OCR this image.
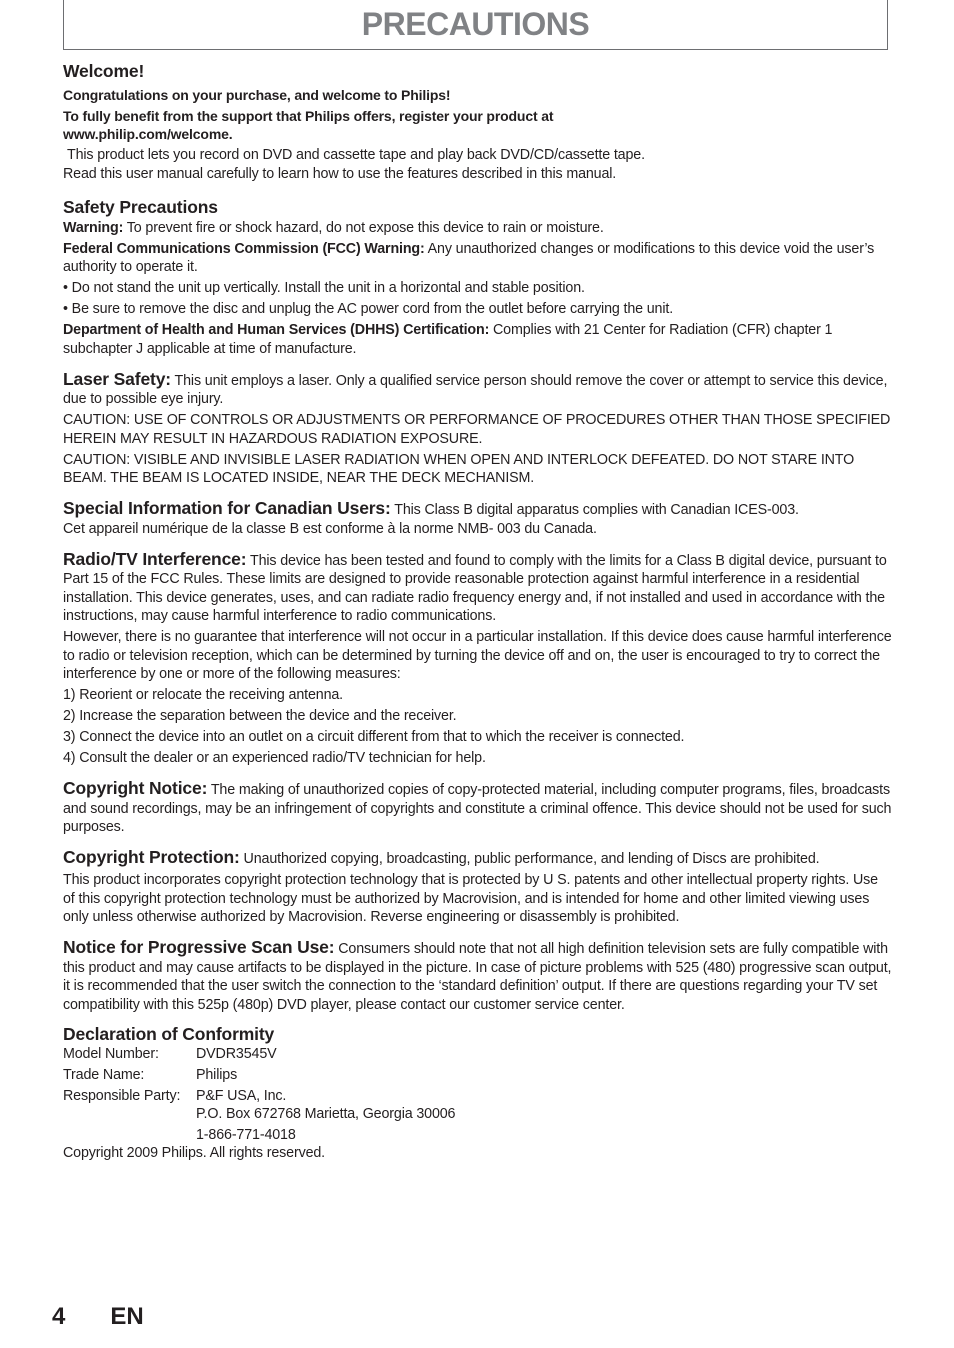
PRECAUTIONS

Welcome!

Congratulations on your purchase, and welcome to Philips!

To fully benefit from the support that Philips offers, register your product at www.philip.com/welcome.

This product lets you record on DVD and cassette tape and play back DVD/CD/cassette tape.

Read this user manual carefully to learn how to use the features described in this manual.

Safety Precautions

Warning: To prevent fire or shock hazard, do not expose this device to rain or moisture.

Federal Communications Commission (FCC) Warning: Any unauthorized changes or modifications to this device void the user’s authority to operate it.

• Do not stand the unit up vertically. Install the unit in a horizontal and stable position.

• Be sure to remove the disc and unplug the AC power cord from the outlet before carrying the unit.

Department of Health and Human Services (DHHS) Certification: Complies with 21 Center for Radiation (CFR) chapter 1 subchapter J applicable at time of manufacture.

Laser Safety: This unit employs a laser. Only a qualified service person should remove the cover or attempt to service this device, due to possible eye injury.

CAUTION: USE OF CONTROLS OR ADJUSTMENTS OR PERFORMANCE OF PROCEDURES OTHER THAN THOSE SPECIFIED HEREIN MAY RESULT IN HAZARDOUS RADIATION EXPOSURE.

CAUTION: VISIBLE AND INVISIBLE LASER RADIATION WHEN OPEN AND INTERLOCK DEFEATED. DO NOT STARE INTO BEAM. THE BEAM IS LOCATED INSIDE, NEAR THE DECK MECHANISM.

Special Information for Canadian Users: This Class B digital apparatus complies with Canadian ICES-003.

Cet appareil numérique de la classe B est conforme à la norme NMB- 003 du Canada.

Radio/TV Interference: This device has been tested and found to comply with the limits for a Class B digital device, pursuant to Part 15 of the FCC Rules. These limits are designed to provide reasonable protection against harmful interference in a residential installation. This device generates, uses, and can radiate radio frequency energy and, if not installed and used in accordance with the instructions, may cause harmful interference to radio communications.

However, there is no guarantee that interference will not occur in a particular installation. If this device does cause harmful interference to radio or television reception, which can be determined by turning the device off and on, the user is encouraged to try to correct the interference by one or more of the following measures:

1) Reorient or relocate the receiving antenna.

2) Increase the separation between the device and the receiver.

3) Connect the device into an outlet on a circuit different from that to which the receiver is connected.

4) Consult the dealer or an experienced radio/TV technician for help.

Copyright Notice: The making of unauthorized copies of copy-protected material, including computer programs, files, broadcasts and sound recordings, may be an infringement of copyrights and constitute a criminal offence. This device should not be used for such purposes.

Copyright Protection: Unauthorized copying, broadcasting, public performance, and lending of Discs are prohibited.

This product incorporates copyright protection technology that is protected by U S. patents and other intellectual property rights. Use of this copyright protection technology must be authorized by Macrovision, and is intended for home and other limited viewing uses only unless otherwise authorized by Macrovision. Reverse engineering or disassembly is prohibited.

Notice for Progressive Scan Use: Consumers should note that not all high definition television sets are fully compatible with this product and may cause artifacts to be displayed in the picture. In case of picture problems with 525 (480) progressive scan output, it is recommended that the user switch the connection to the ‘standard definition’ output. If there are questions regarding your TV set compatibility with this 525p (480p) DVD player, please contact our customer service center.

Declaration of Conformity

Model Number:	DVDR3545V
Trade Name:	Philips
Responsible Party:	P&F USA, Inc.
P.O. Box 672768 Marietta, Georgia 30006
1-866-771-4018

Copyright 2009 Philips. All rights reserved.

4 EN
